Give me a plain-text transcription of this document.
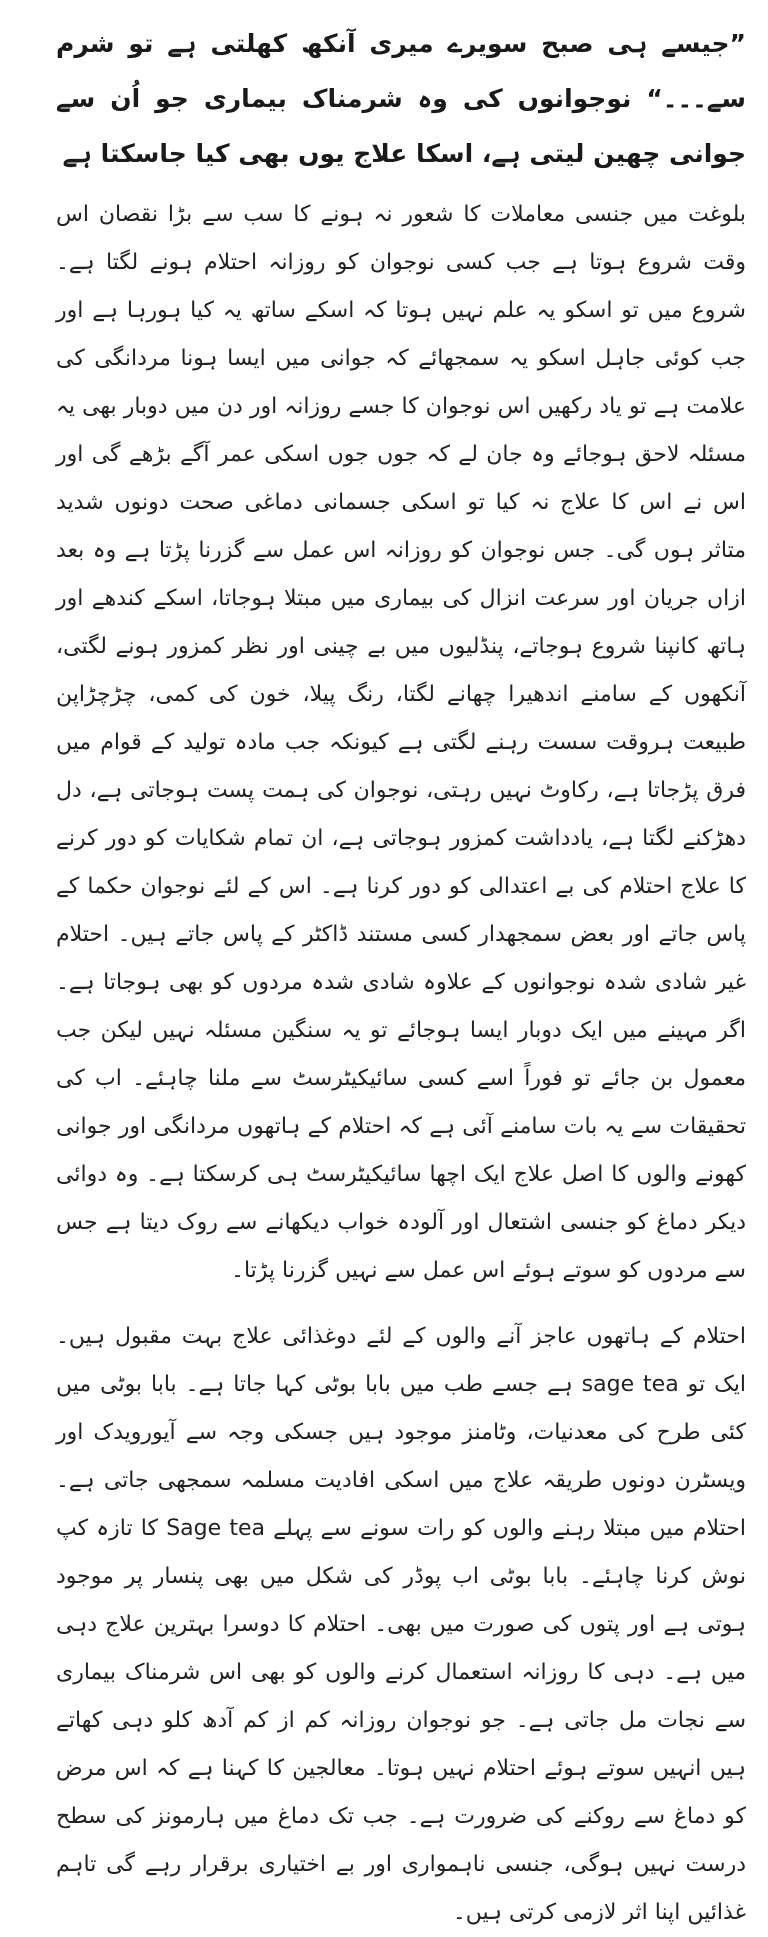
”جیسے ہی صبح سویرے میری آنکھ کھلتی ہے تو شرم سے۔۔۔“ نوجوانوں کی وہ شرمناک بیماری جو اُن سے جوانی چھین لیتی ہے، اسکا علاج یوں بھی کیا جاسکتا ہے

بلوغت میں جنسی معاملات کا شعور نہ ہونے کا سب سے بڑا نقصان اس وقت شروع ہوتا ہے جب کسی نوجوان کو روزانہ احتلام ہونے لگتا ہے۔ شروع میں تو اسکو یہ علم نہیں ہوتا کہ اسکے ساتھ یہ کیا ہورہا ہے اور جب کوئی جاہل اسکو یہ سمجھائے کہ جوانی میں ایسا ہونا مردانگی کی علامت ہے تو یاد رکھیں اس نوجوان کا جسے روزانہ اور دن میں دوبار بھی یہ مسئلہ لاحق ہوجائے وہ جان لے کہ جوں جوں اسکی عمر آگے بڑھے گی اور اس نے اس کا علاج نہ کیا تو اسکی جسمانی دماغی صحت دونوں شدید متاثر ہوں گی۔ جس نوجوان کو روزانہ اس عمل سے گزرنا پڑتا ہے وہ بعد ازاں جریان اور سرعت انزال کی بیماری میں مبتلا ہوجاتا، اسکے کندھے اور ہاتھ کانپنا شروع ہوجاتے، پنڈلیوں میں بے چینی اور نظر کمزور ہونے لگتی، آنکھوں کے سامنے اندھیرا چھانے لگتا، رنگ پیلا، خون کی کمی، چڑچڑاپن طبیعت ہروقت سست رہنے لگتی ہے کیونکہ جب مادہ تولید کے قوام میں فرق پڑجاتا ہے، رکاوٹ نہیں رہتی، نوجوان کی ہمت پست ہوجاتی ہے، دل دھڑکنے لگتا ہے، یادداشت کمزور ہوجاتی ہے، ان تمام شکایات کو دور کرنے کا علاج احتلام کی بے اعتدالی کو دور کرنا ہے۔ اس کے لئے نوجوان حکما کے پاس جاتے اور بعض سمجھدار کسی مستند ڈاکٹر کے پاس جاتے ہیں۔ احتلام غیر شادی شدہ نوجوانوں کے علاوہ شادی شدہ مردوں کو بھی ہوجاتا ہے۔ اگر مہینے میں ایک دوبار ایسا ہوجائے تو یہ سنگین مسئلہ نہیں لیکن جب معمول بن جائے تو فوراً اسے کسی سائیکیٹرسٹ سے ملنا چاہئے۔ اب کی تحقیقات سے یہ بات سامنے آئی ہے کہ احتلام کے ہاتھوں مردانگی اور جوانی کھونے والوں کا اصل علاج ایک اچھا سائیکیٹرسٹ ہی کرسکتا ہے۔ وہ دوائی دیکر دماغ کو جنسی اشتعال اور آلودہ خواب دیکھانے سے روک دیتا ہے جس سے مردوں کو سوتے ہوئے اس عمل سے نہیں گزرنا پڑتا۔

احتلام کے ہاتھوں عاجز آنے والوں کے لئے دوغذائی علاج بہت مقبول ہیں۔ ایک تو sage tea ہے جسے طب میں بابا بوٹی کہا جاتا ہے۔ بابا بوٹی میں کئی طرح کی معدنیات، وٹامنز موجود ہیں جسکی وجہ سے آیورویدک اور ویسٹرن دونوں طریقہ علاج میں اسکی افادیت مسلمہ سمجھی جاتی ہے۔ احتلام میں مبتلا رہنے والوں کو رات سونے سے پہلے Sage tea کا تازہ کپ نوش کرنا چاہئے۔ بابا بوٹی اب پوڈر کی شکل میں بھی پنسار پر موجود ہوتی ہے اور پتوں کی صورت میں بھی۔ احتلام کا دوسرا بہترین علاج دہی میں ہے۔ دہی کا روزانہ استعمال کرنے والوں کو بھی اس شرمناک بیماری سے نجات مل جاتی ہے۔ جو نوجوان روزانہ کم از کم آدھ کلو دہی کھاتے ہیں انہیں سوتے ہوئے احتلام نہیں ہوتا۔ معالجین کا کہنا ہے کہ اس مرض کو دماغ سے روکنے کی ضرورت ہے۔ جب تک دماغ میں ہارمونز کی سطح درست نہیں ہوگی، جنسی ناہمواری اور بے اختیاری برقرار رہے گی تاہم غذائیں اپنا اثر لازمی کرتی ہیں۔
